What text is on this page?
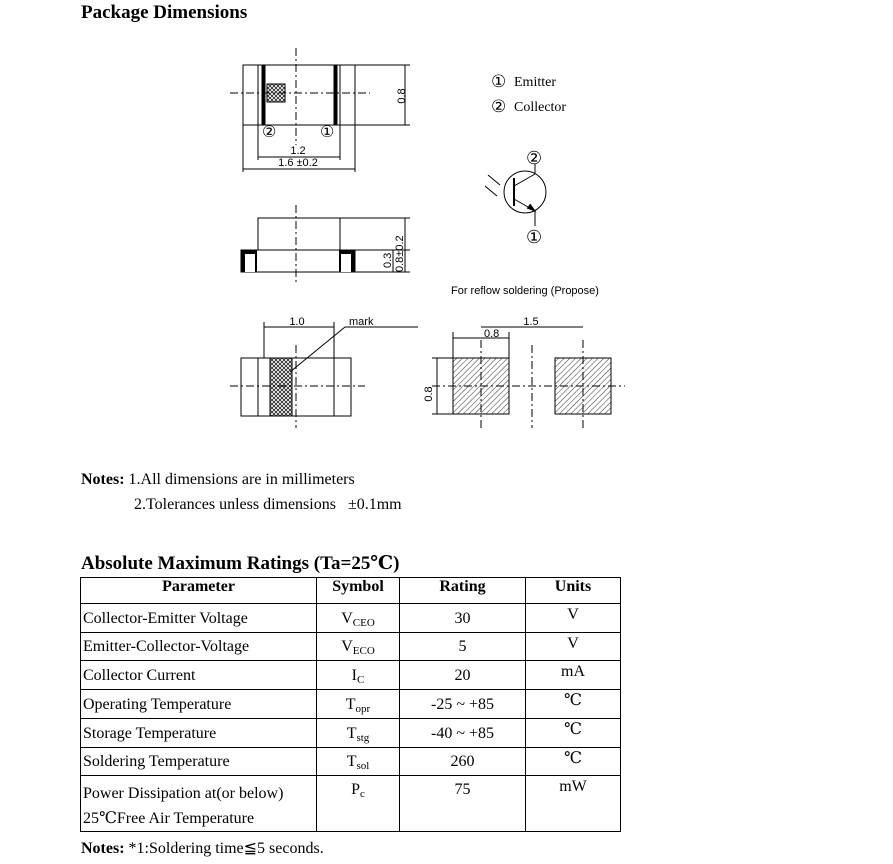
Package Dimensions
0.8
1.2
1.6 ±0.2
②	①
0.3 0.8±0.2
For reflow soldering (Propose)
1.0	mark
0.8
0.8
1.5
① Emitter
② Collector
②
①
Notes: 1.All dimensions are in millimeters
2.Tolerances unless dimensions   ±0.1mm
Absolute Maximum Ratings (Ta=25℃)
Parameter	Symbol	Rating	Units
Collector-Emitter Voltage	VCEO	30	V
Emitter-Collector-Voltage	VECO	5	V
Collector Current	IC	20	mA
Operating Temperature	Topr	-25 ~ +85	℃
Storage Temperature	Tstg	-40 ~ +85	℃
Soldering Temperature	Tsol	260	℃
Power Dissipation at(or below)
25℃Free Air Temperature	Pc	75	mW
Notes: *1:Soldering time≦5 seconds.
